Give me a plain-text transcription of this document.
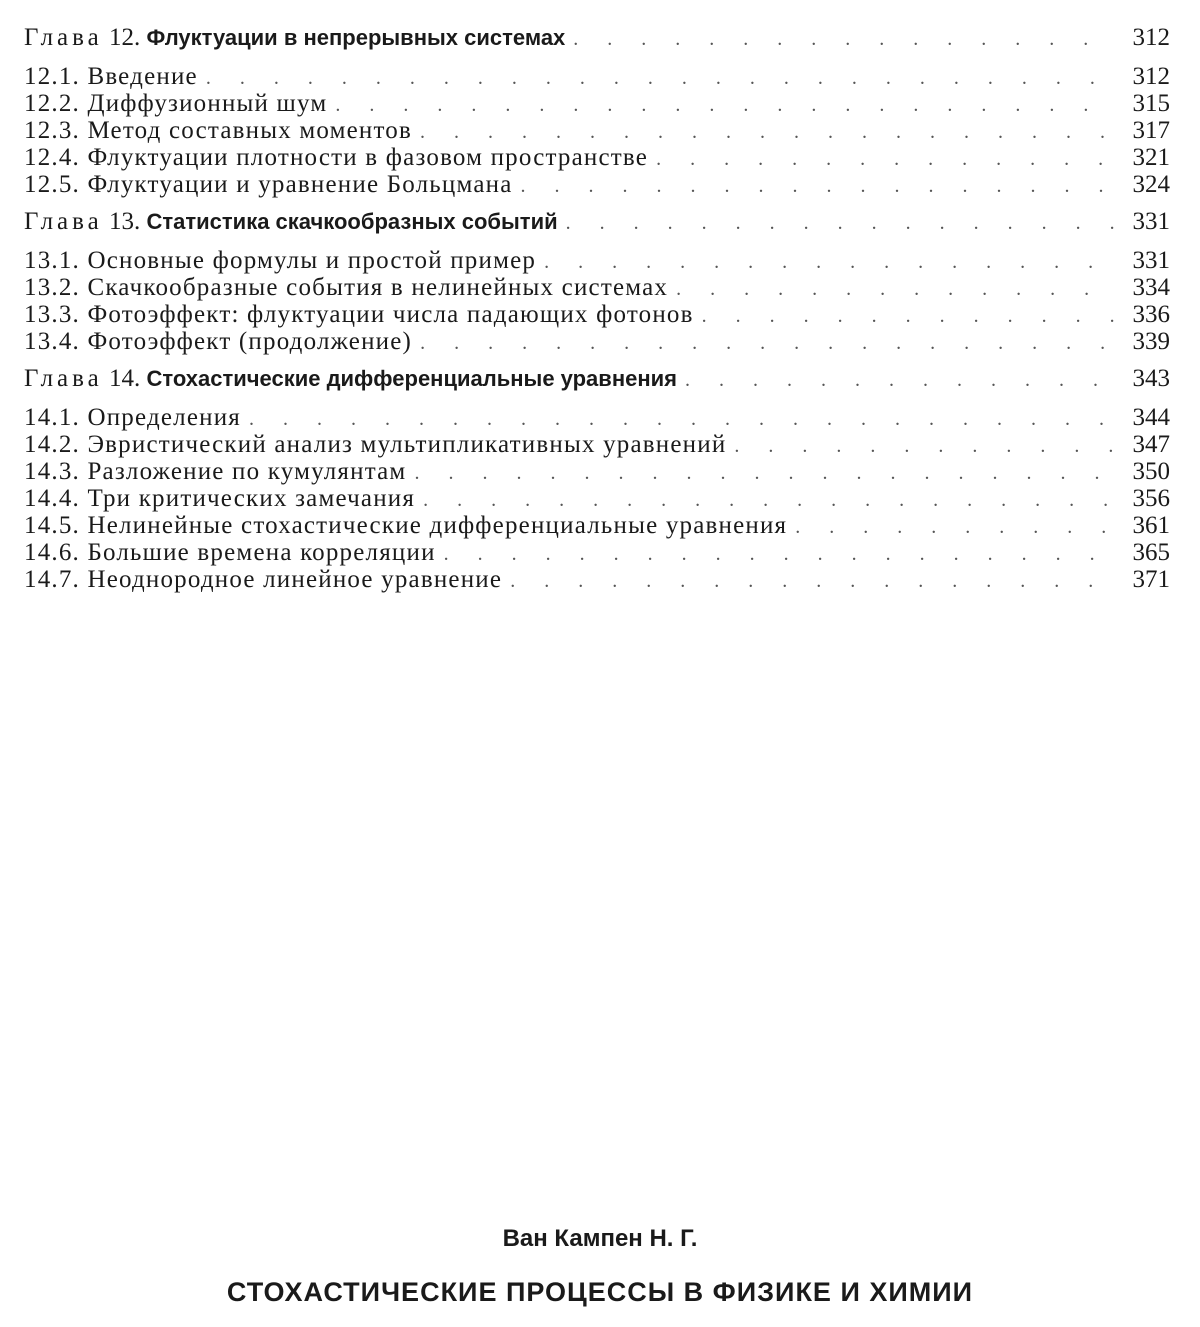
Глава 12. Флуктуации в непрерывных системах . . .	312
12.1. Введение . . .	312
12.2. Диффузионный шум . . .	315
12.3. Метод составных моментов . . .	317
12.4. Флуктуации плотности в фазовом пространстве . . .	321
12.5. Флуктуации и уравнение Больцмана . . .	324
Глава 13. Статистика скачкообразных событий . . .	331
13.1. Основные формулы и простой пример . . .	331
13.2. Скачкообразные события в нелинейных системах . . .	334
13.3. Фотоэффект: флуктуации числа падающих фотонов . . .	336
13.4. Фотоэффект (продолжение) . . .	339
Глава 14. Стохастические дифференциальные уравнения . . .	343
14.1. Определения . . .	344
14.2. Эвристический анализ мультипликативных уравнений . . .	347
14.3. Разложение по кумулянтам . . .	350
14.4. Три критических замечания . . .	356
14.5. Нелинейные стохастические дифференциальные уравнения . . .	361
14.6. Большие времена корреляции . . .	365
14.7. Неоднородное линейное уравнение . . .	371
Ван Кампен Н. Г.
СТОХАСТИЧЕСКИЕ ПРОЦЕССЫ В ФИЗИКЕ И ХИМИИ
